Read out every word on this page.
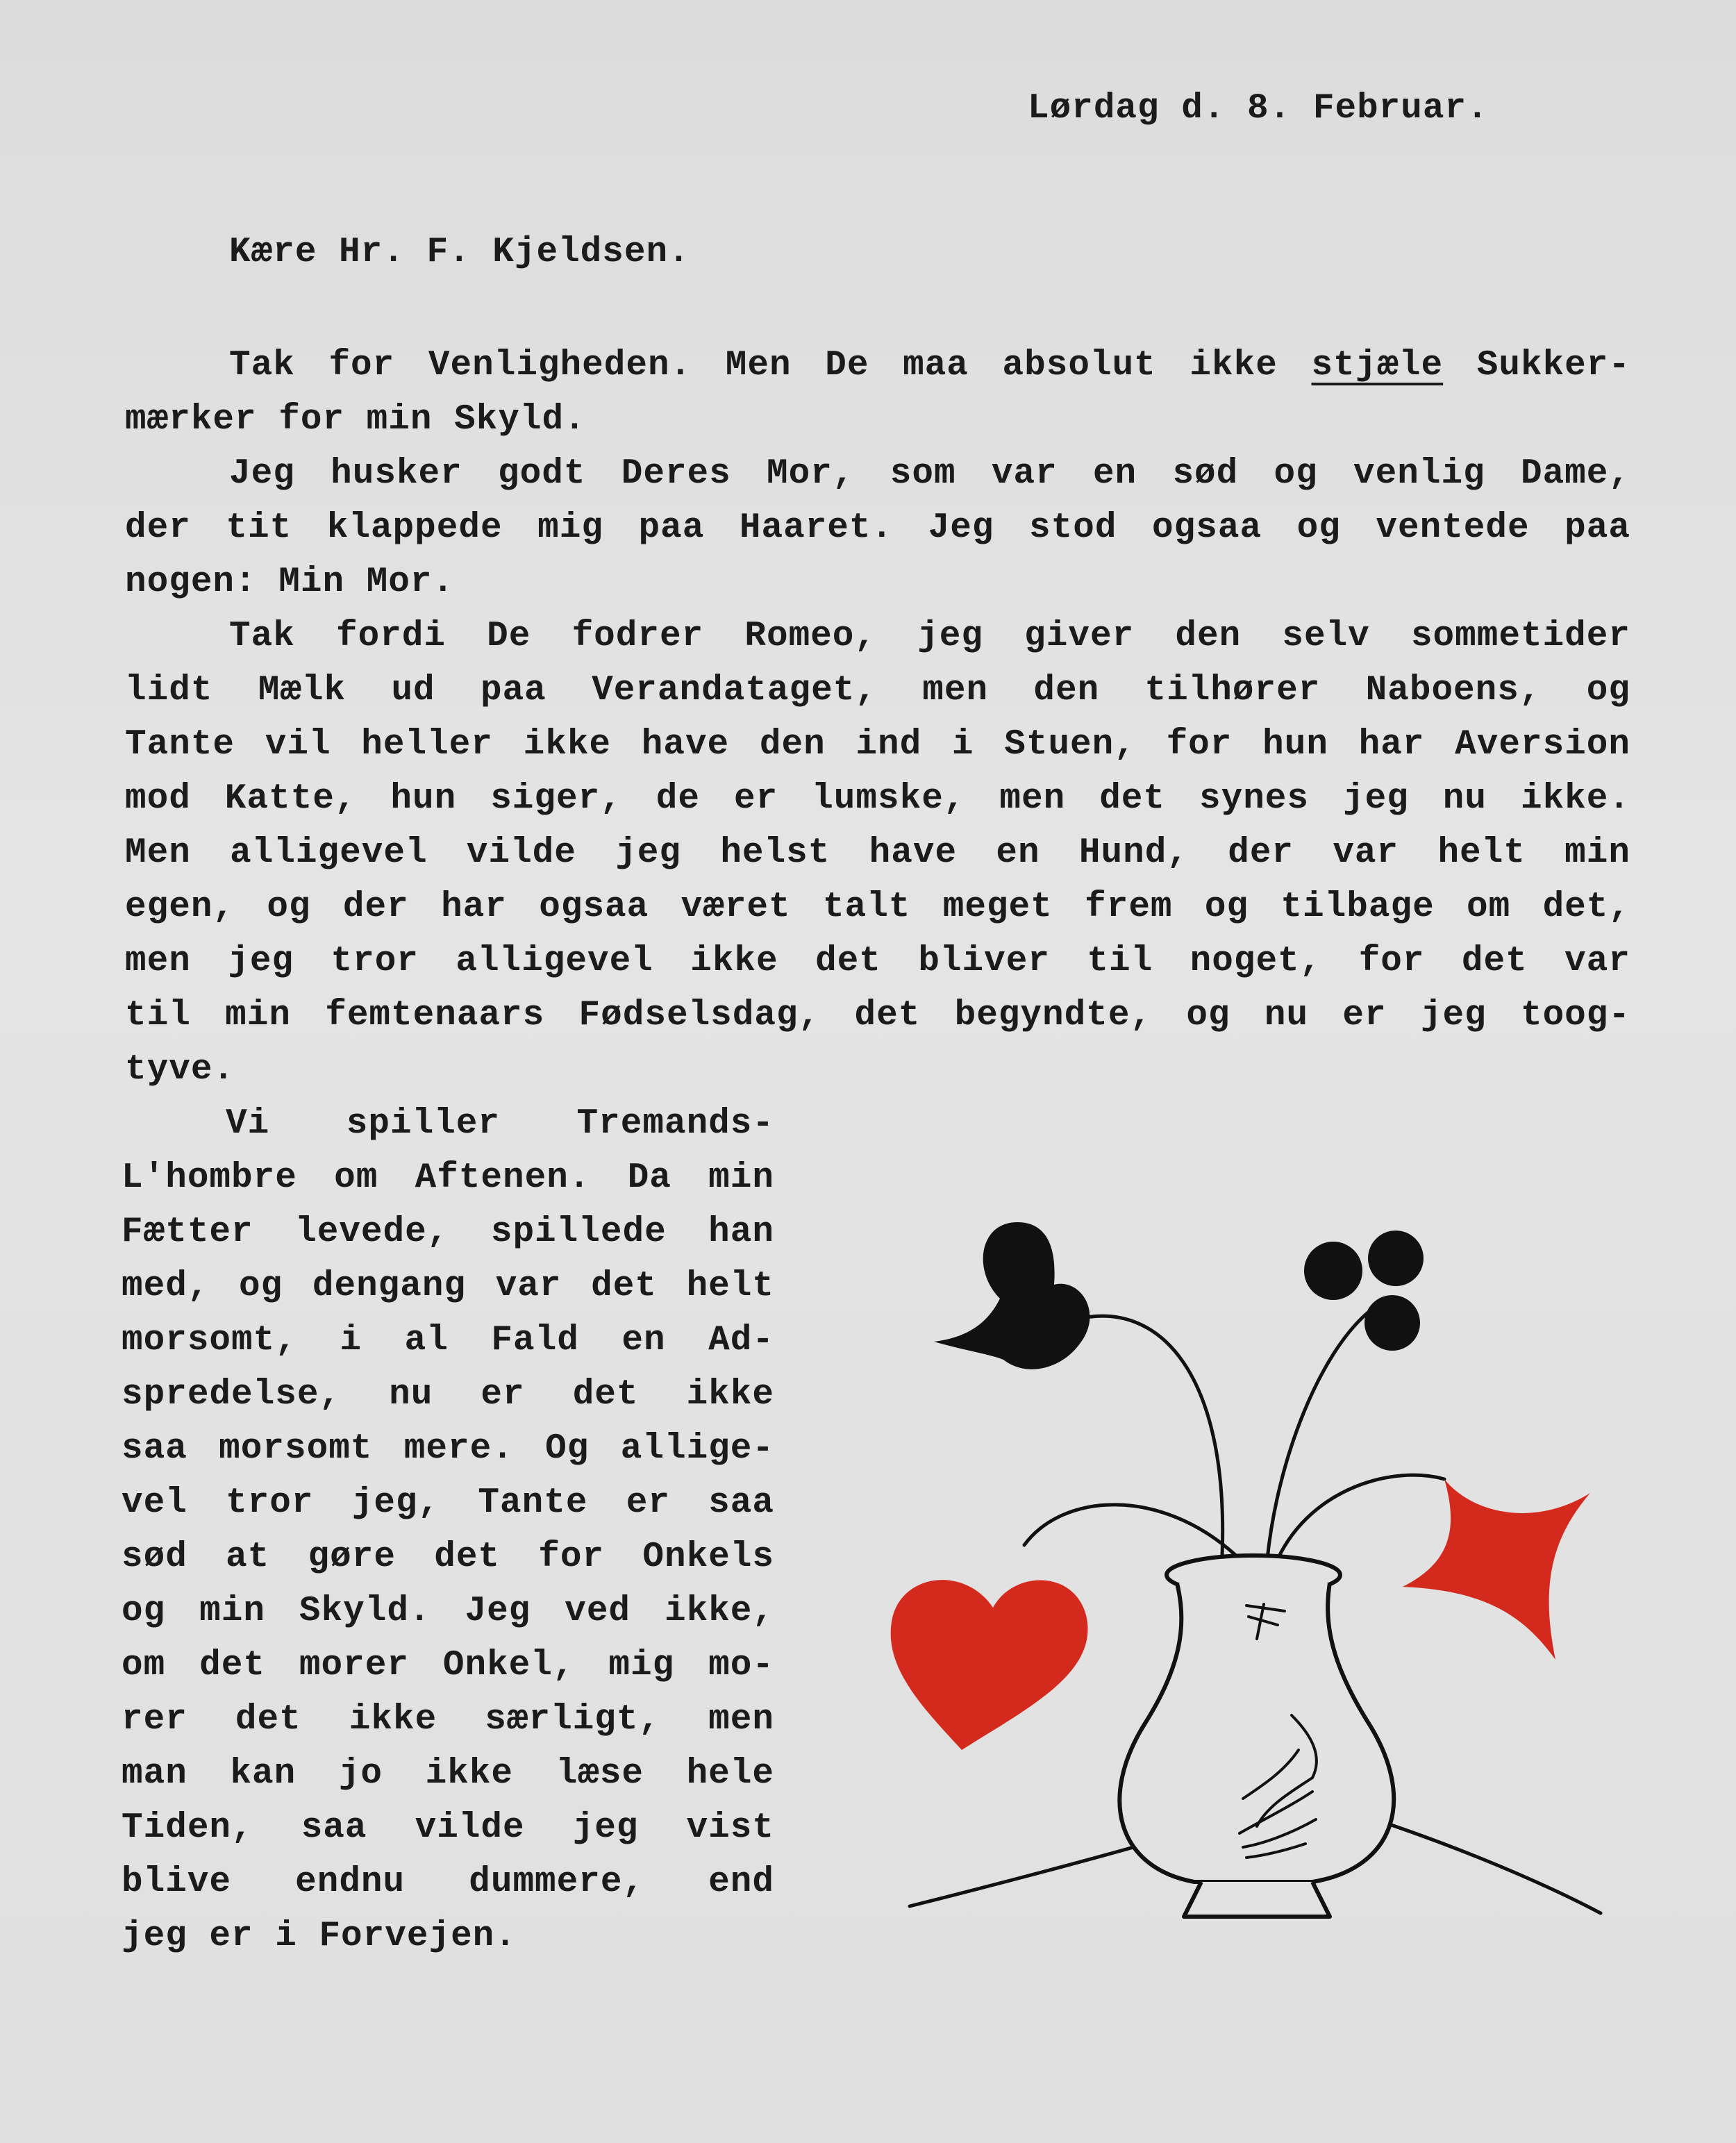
Lørdag d. 8. Februar.

Kære Hr. F. Kjeldsen.

Tak for Venligheden. Men De maa absolut ikke stjæle Sukker-

mærker for min Skyld.

Jeg husker godt Deres Mor, som var en sød og venlig Dame,

der tit klappede mig paa Haaret. Jeg stod ogsaa og ventede paa

nogen: Min Mor.

Tak fordi De fodrer Romeo, jeg giver den selv sommetider

lidt Mælk ud paa Verandataget, men den tilhører Naboens, og

Tante vil heller ikke have den ind i Stuen, for hun har Aversion

mod Katte, hun siger, de er lumske, men det synes jeg nu ikke.

Men alligevel vilde jeg helst have en Hund, der var helt min

egen, og der har ogsaa været talt meget frem og tilbage om det,

men jeg tror alligevel ikke det bliver til noget, for det var

til min femtenaars Fødselsdag, det begyndte, og nu er jeg toog-

tyve.

Vi spiller Tremands-

L'hombre om Aftenen. Da min

Fætter levede, spillede han

med, og dengang var det helt

morsomt, i al Fald en Ad-

spredelse, nu er det ikke

saa morsomt mere. Og allige-

vel tror jeg, Tante er saa

sød at gøre det for Onkels

og min Skyld. Jeg ved ikke,

om det morer Onkel, mig mo-

rer det ikke særligt, men

man kan jo ikke læse hele

Tiden, saa vilde jeg vist

blive endnu dummere, end

jeg er i Forvejen.
